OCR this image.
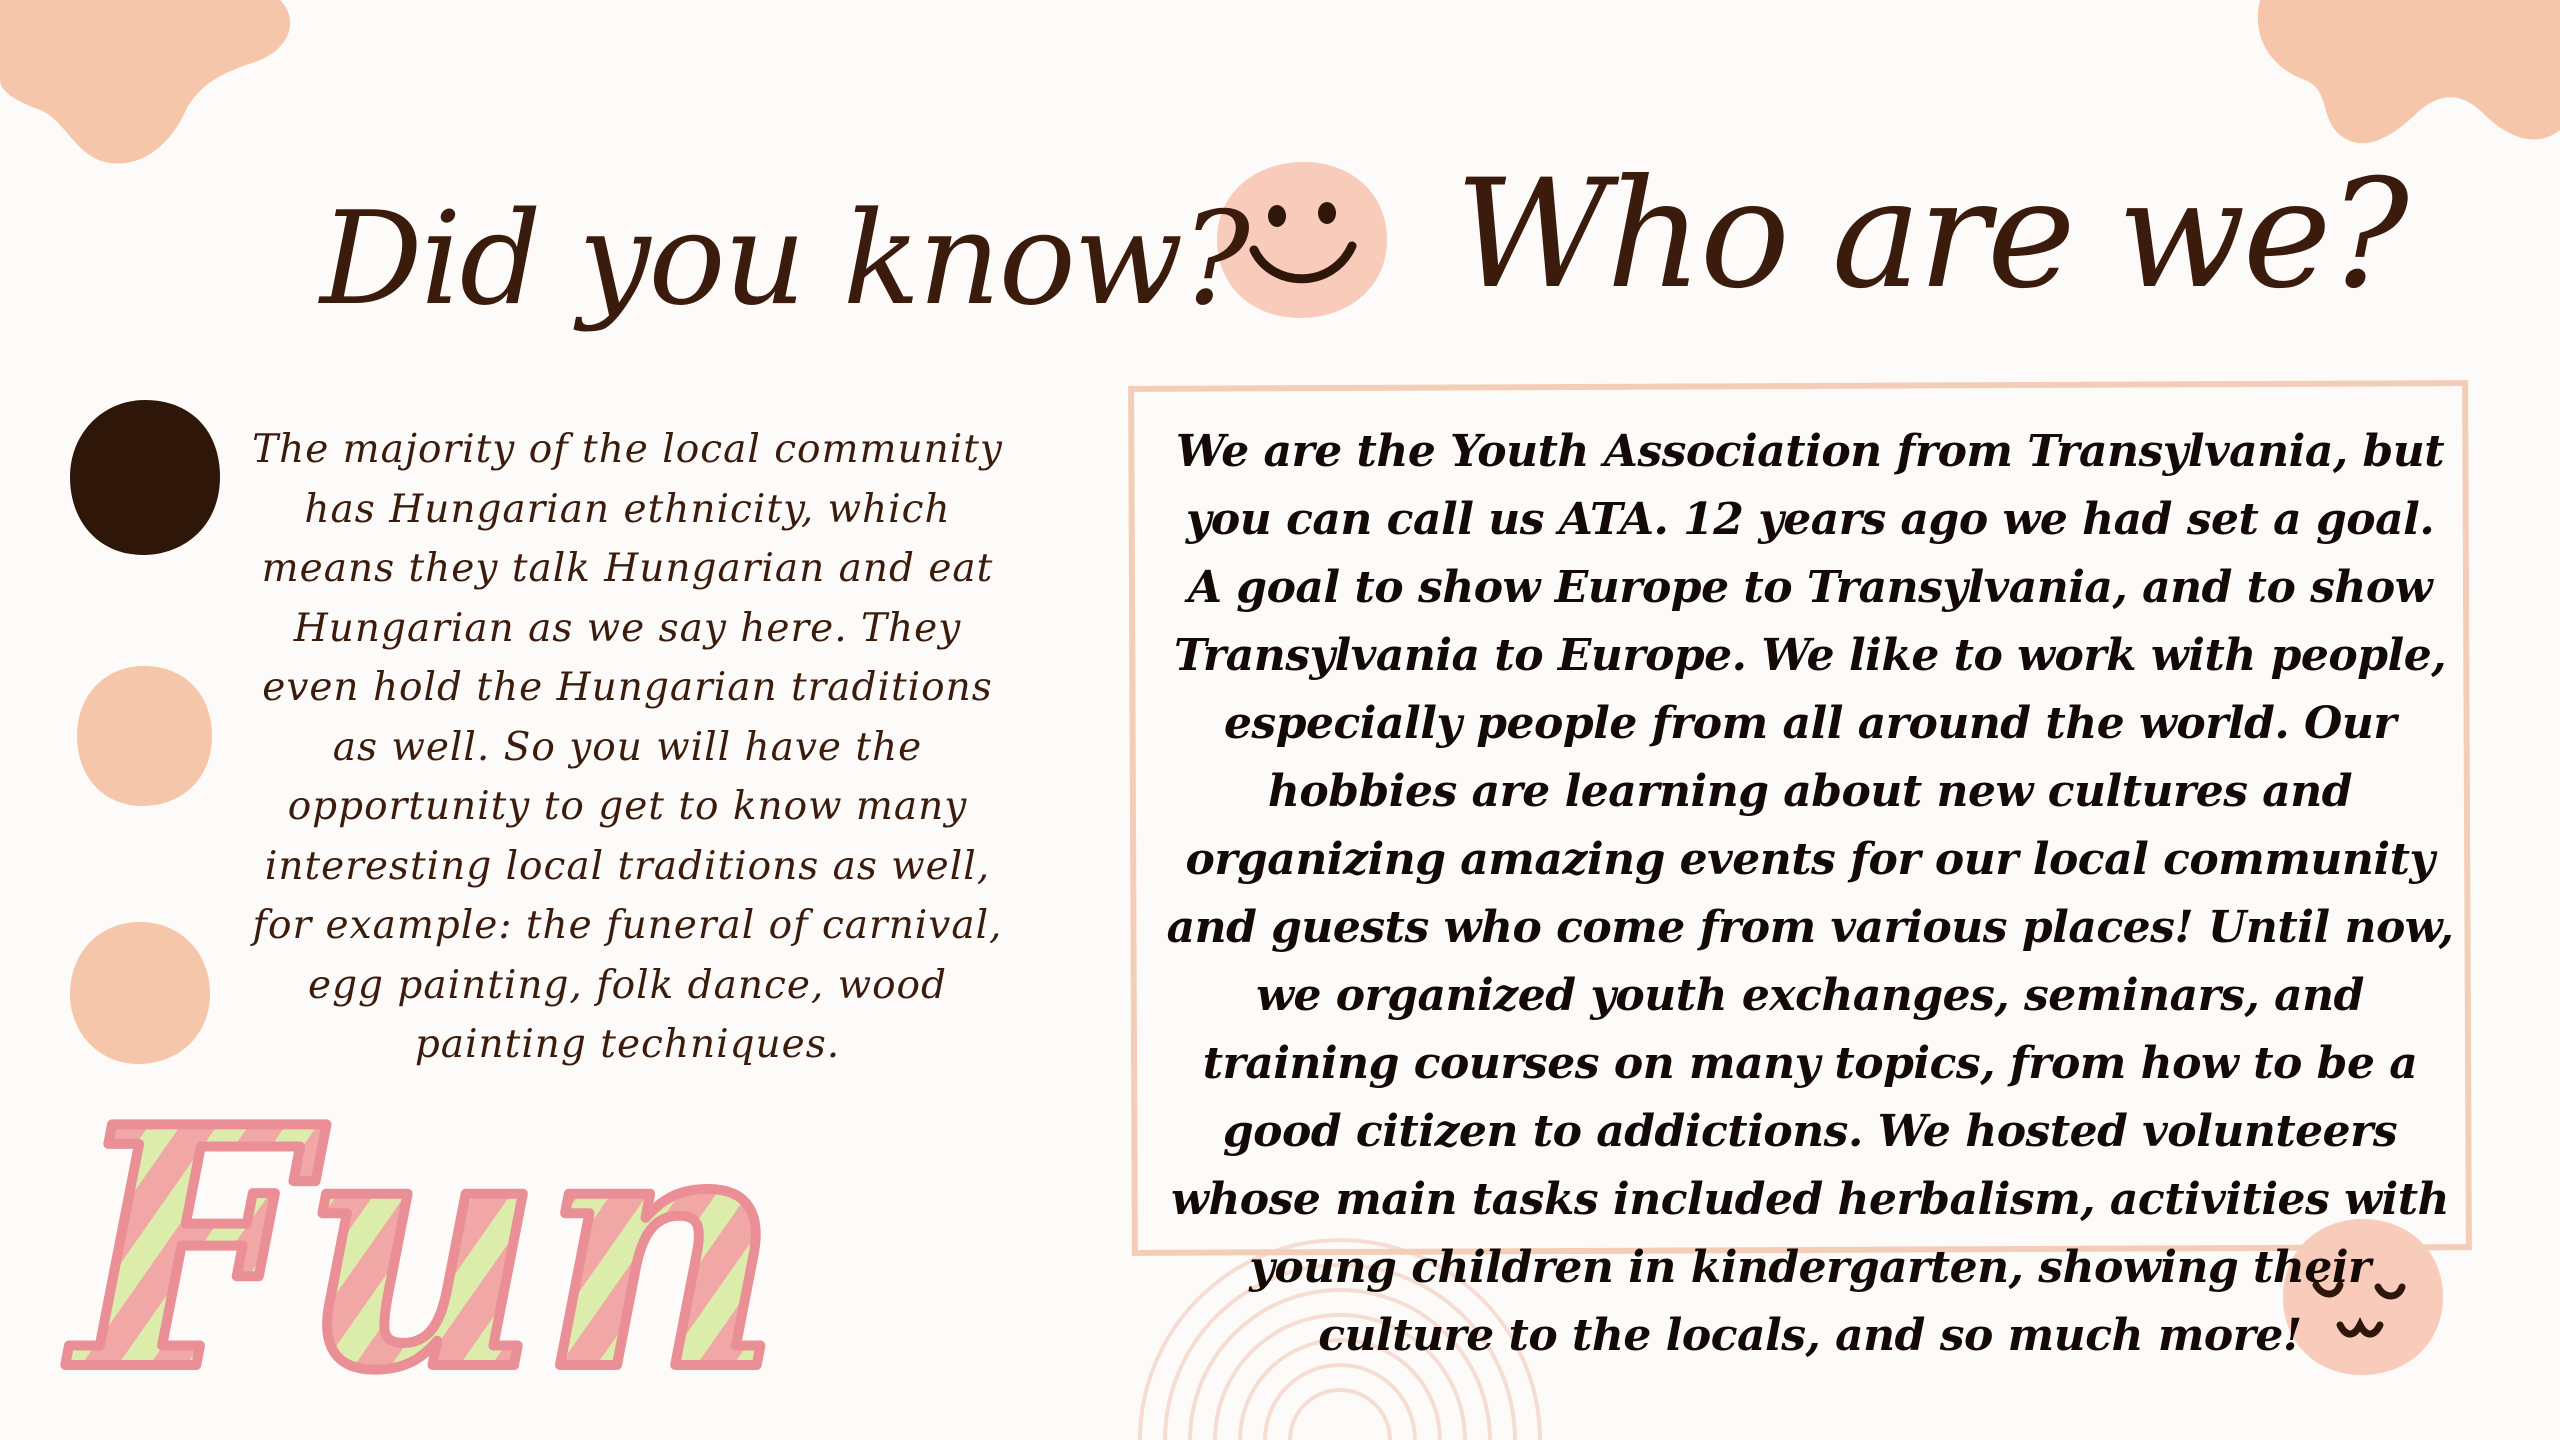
Fun
Did you know?
The majority of the local community has Hungarian ethnicity, which means they talk Hungarian and eat Hungarian as we say here. They even hold the Hungarian traditions as well. So you will have the opportunity to get to know many interesting local traditions as well, for example: the funeral of carnival, egg painting, folk dance, wood painting techniques.
Who are we?
We are the Youth Association from Transylvania, but you can call us ATA. 12 years ago we had set a goal. A goal to show Europe to Transylvania, and to show Transylvania to Europe. We like to work with people, especially people from all around the world. Our hobbies are learning about new cultures and organizing amazing events for our local community and guests who come from various places! Until now, we organized youth exchanges, seminars, and training courses on many topics, from how to be a good citizen to addictions. We hosted volunteers whose main tasks included herbalism, activities with young children in kindergarten, showing their culture to the locals, and so much more!
